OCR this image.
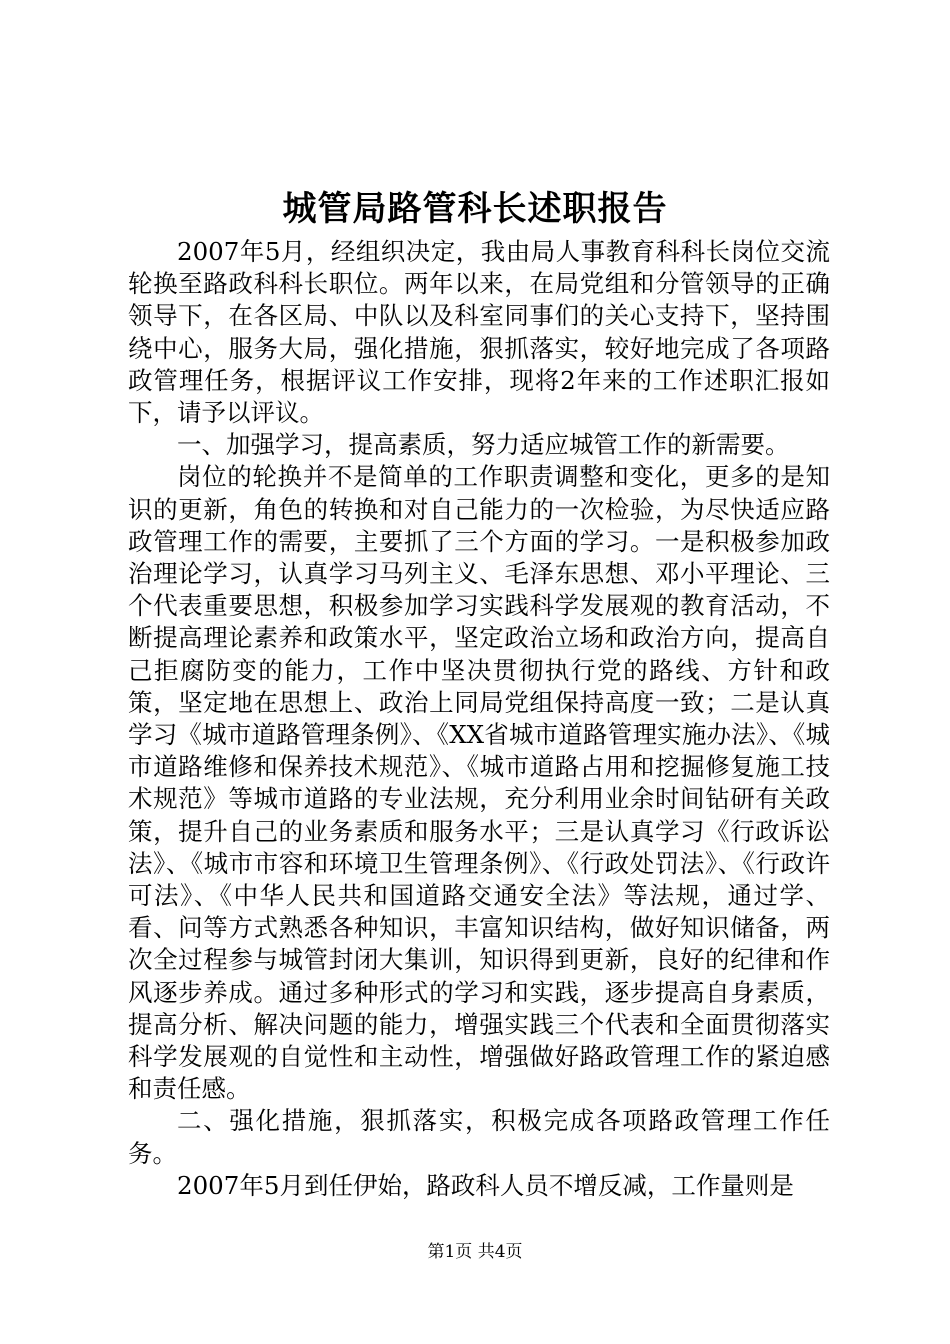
城管局路管科长述职报告

2007年5月，经组织决定，我由局人事教育科科长岗位交流轮换至路政科科长职位。两年以来，在局党组和分管领导的正确领导下，在各区局、中队以及科室同事们的关心支持下，坚持围绕中心，服务大局，强化措施，狠抓落实，较好地完成了各项路政管理任务，根据评议工作安排，现将2年来的工作述职汇报如下，请予以评议。

一、加强学习，提高素质，努力适应城管工作的新需要。

岗位的轮换并不是简单的工作职责调整和变化，更多的是知识的更新，角色的转换和对自己能力的一次检验，为尽快适应路政管理工作的需要，主要抓了三个方面的学习。一是积极参加政治理论学习，认真学习马列主义、毛泽东思想、邓小平理论、三个代表重要思想，积极参加学习实践科学发展观的教育活动，不断提高理论素养和政策水平，坚定政治立场和政治方向，提高自己拒腐防变的能力，工作中坚决贯彻执行党的路线、方针和政策，坚定地在思想上、政治上同局党组保持高度一致；二是认真学习《城市道路管理条例》、《XX省城市道路管理实施办法》、《城市道路维修和保养技术规范》、《城市道路占用和挖掘修复施工技术规范》等城市道路的专业法规，充分利用业余时间钻研有关政策，提升自己的业务素质和服务水平；三是认真学习《行政诉讼法》、《城市市容和环境卫生管理条例》、《行政处罚法》、《行政许可法》、《中华人民共和国道路交通安全法》等法规，通过学、看、问等方式熟悉各种知识，丰富知识结构，做好知识储备，两次全过程参与城管封闭大集训，知识得到更新，良好的纪律和作风逐步养成。通过多种形式的学习和实践，逐步提高自身素质，提高分析、解决问题的能力，增强实践三个代表和全面贯彻落实科学发展观的自觉性和主动性，增强做好路政管理工作的紧迫感和责任感。

二、强化措施，狠抓落实，积极完成各项路政管理工作任务。

2007年5月到任伊始，路政科人员不增反减，工作量则是

第1页 共4页
